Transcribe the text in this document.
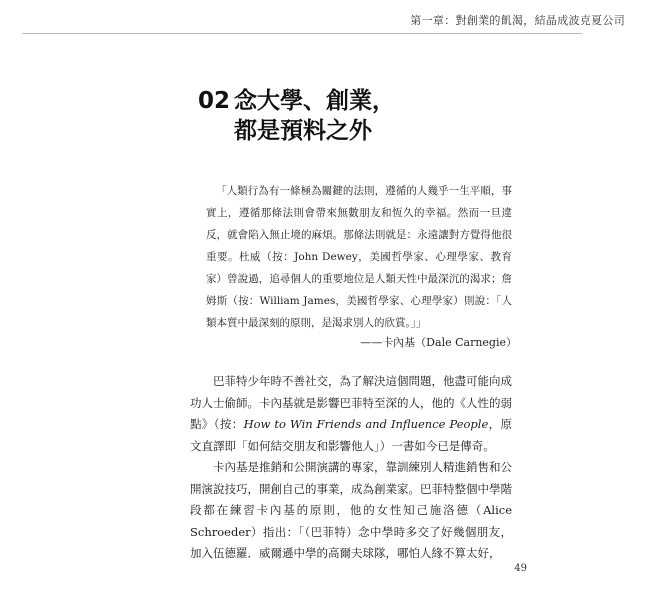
第一章：對創業的飢渴，結晶成波克夏公司
02 念大學、創業，
都是預料之外

「人類行為有一條極為關鍵的法則，遵循的人幾乎一生平順，事實上，遵循那條法則會帶來無數朋友和恆久的幸福。然而一旦違反，就會陷入無止境的麻煩。那條法則就是：永遠讓對方覺得他很重要。杜威（按：John Dewey，美國哲學家、心理學家、教育家）曾說過，追尋個人的重要地位是人類天性中最深沉的渴求；詹姆斯（按：William James，美國哲學家、心理學家）則說：「人類本質中最深刻的原則，是渴求別人的欣賞。」」

——卡內基（Dale Carnegie）

巴菲特少年時不善社交，為了解決這個問題，他盡可能向成功人士偷師。卡內基就是影響巴菲特至深的人，他的《人性的弱點》（按：How to Win Friends and Influence People，原文直譯即「如何結交朋友和影響他人」）一書如今已是傳奇。

卡內基是推銷和公開演講的專家，靠訓練別人精進銷售和公開演說技巧，開創自己的事業，成為創業家。巴菲特整個中學階段都在練習卡內基的原則，他的女性知己施洛德（Alice Schroeder）指出：「（巴菲特）念中學時多交了好幾個朋友，加入伍德羅．威爾遜中學的高爾夫球隊，哪怕人緣不算太好，

49
